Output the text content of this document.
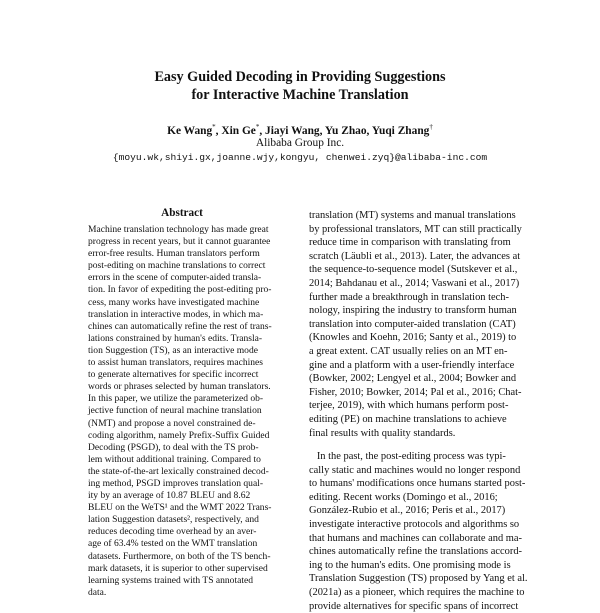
Easy Guided Decoding in Providing Suggestions
for Interactive Machine Translation
Ke Wang*, Xin Ge*, Jiayi Wang, Yu Zhao, Yuqi Zhang†
Alibaba Group Inc.
{moyu.wk,shiyi.gx,joanne.wjy,kongyu, chenwei.zyq}@alibaba-inc.com
Abstract
Machine translation technology has made great
progress in recent years, but it cannot guarantee
error-free results. Human translators perform
post-editing on machine translations to correct
errors in the scene of computer-aided transla-
tion. In favor of expediting the post-editing pro-
cess, many works have investigated machine
translation in interactive modes, in which ma-
chines can automatically refine the rest of trans-
lations constrained by human's edits. Transla-
tion Suggestion (TS), as an interactive mode
to assist human translators, requires machines
to generate alternatives for specific incorrect
words or phrases selected by human translators.
In this paper, we utilize the parameterized ob-
jective function of neural machine translation
(NMT) and propose a novel constrained de-
coding algorithm, namely Prefix-Suffix Guided
Decoding (PSGD), to deal with the TS prob-
lem without additional training. Compared to
the state-of-the-art lexically constrained decod-
ing method, PSGD improves translation qual-
ity by an average of 10.87 BLEU and 8.62
BLEU on the WeTS¹ and the WMT 2022 Trans-
lation Suggestion datasets², respectively, and
reduces decoding time overhead by an aver-
age of 63.4% tested on the WMT translation
datasets. Furthermore, on both of the TS bench-
mark datasets, it is superior to other supervised
learning systems trained with TS annotated
data.
translation (MT) systems and manual translations
by professional translators, MT can still practically
reduce time in comparison with translating from
scratch (Läubli et al., 2013). Later, the advances at
the sequence-to-sequence model (Sutskever et al.,
2014; Bahdanau et al., 2014; Vaswani et al., 2017)
further made a breakthrough in translation tech-
nology, inspiring the industry to transform human
translation into computer-aided translation (CAT)
(Knowles and Koehn, 2016; Santy et al., 2019) to
a great extent. CAT usually relies on an MT en-
gine and a platform with a user-friendly interface
(Bowker, 2002; Lengyel et al., 2004; Bowker and
Fisher, 2010; Bowker, 2014; Pal et al., 2016; Chat-
terjee, 2019), with which humans perform post-
editing (PE) on machine translations to achieve
final results with quality standards.
In the past, the post-editing process was typi-
cally static and machines would no longer respond
to humans' modifications once humans started post-
editing. Recent works (Domingo et al., 2016;
González-Rubio et al., 2016; Peris et al., 2017)
investigate interactive protocols and algorithms so
that humans and machines can collaborate and ma-
chines automatically refine the translations accord-
ing to the human's edits. One promising mode is
Translation Suggestion (TS) proposed by Yang et al.
(2021a) as a pioneer, which requires the machine to
provide alternatives for specific spans of incorrect
